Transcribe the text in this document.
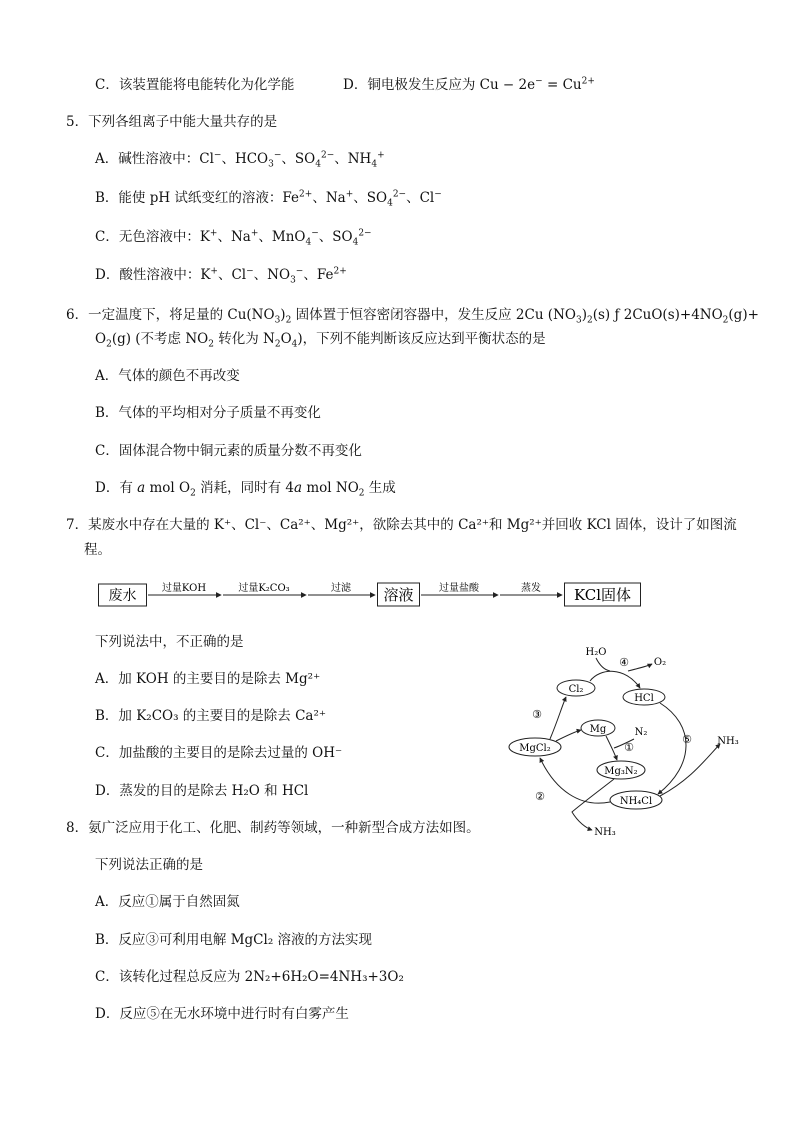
C．该装置能将电能转化为化学能	D．铜电极发生反应为 $Cu - 2e^- = Cu^{2+}$
5．下列各组离子中能大量共存的是
A．碱性溶液中：Cl−、$HCO_3^-$、$SO_4^{2-}$、$NH_4^+$
B．能使 pH 试纸变红的溶液：$Fe^{2+}$、Na+、$SO_4^{2-}$、Cl−
C．无色溶液中：K+、Na+、MnO$_4$−、$SO_4^{2-}$
D．酸性溶液中：K+、Cl−、$NO_3^-$、$Fe^{2+}$
6．一定温度下，将足量的 $Cu(NO_3)_2$ 固体置于恒容密闭容器中，发生反应 2Cu $(NO_3)_2(s)$ ƒ $2CuO(s)+4NO_2(g)+$
$O_2(g)$ (不考虑 $NO_2$ 转化为 $N_2O_4$)，下列不能判断该反应达到平衡状态的是
A．气体的颜色不再改变
B．气体的平均相对分子质量不再变化
C．固体混合物中铜元素的质量分数不再变化
D．有 a mol $O_2$ 消耗，同时有 4a mol $NO_2$ 生成
7．某废水中存在大量的 K⁺、Cl⁻、Ca²⁺、Mg²⁺，欲除去其中的 Ca²⁺和 Mg²⁺并回收 KCl 固体，设计了如图流
程。
废水	过量KOH	过量K₂CO₃	过滤 溶液	过量盐酸	蒸发 KCl固体
下列说法中，不正确的是
A．加 KOH 的主要目的是除去 Mg²⁺
B．加 K₂CO₃ 的主要目的是除去 Ca²⁺
C．加盐酸的主要目的是除去过量的 OH⁻
D．蒸发的目的是除去 H₂O 和 HCl
Cl₂
HCl
Mg
MgCl₂
Mg₃N₂
NH₄Cl
H₂O
O₂
N₂
NH₃
NH₃
①
②
③
④
⑤
8．氨广泛应用于化工、化肥、制药等领域，一种新型合成方法如图。
下列说法正确的是
A．反应①属于自然固氮
B．反应③可利用电解 MgCl₂ 溶液的方法实现
C．该转化过程总反应为 2N₂+6H₂O=4NH₃+3O₂
D．反应⑤在无水环境中进行时有白雾产生
